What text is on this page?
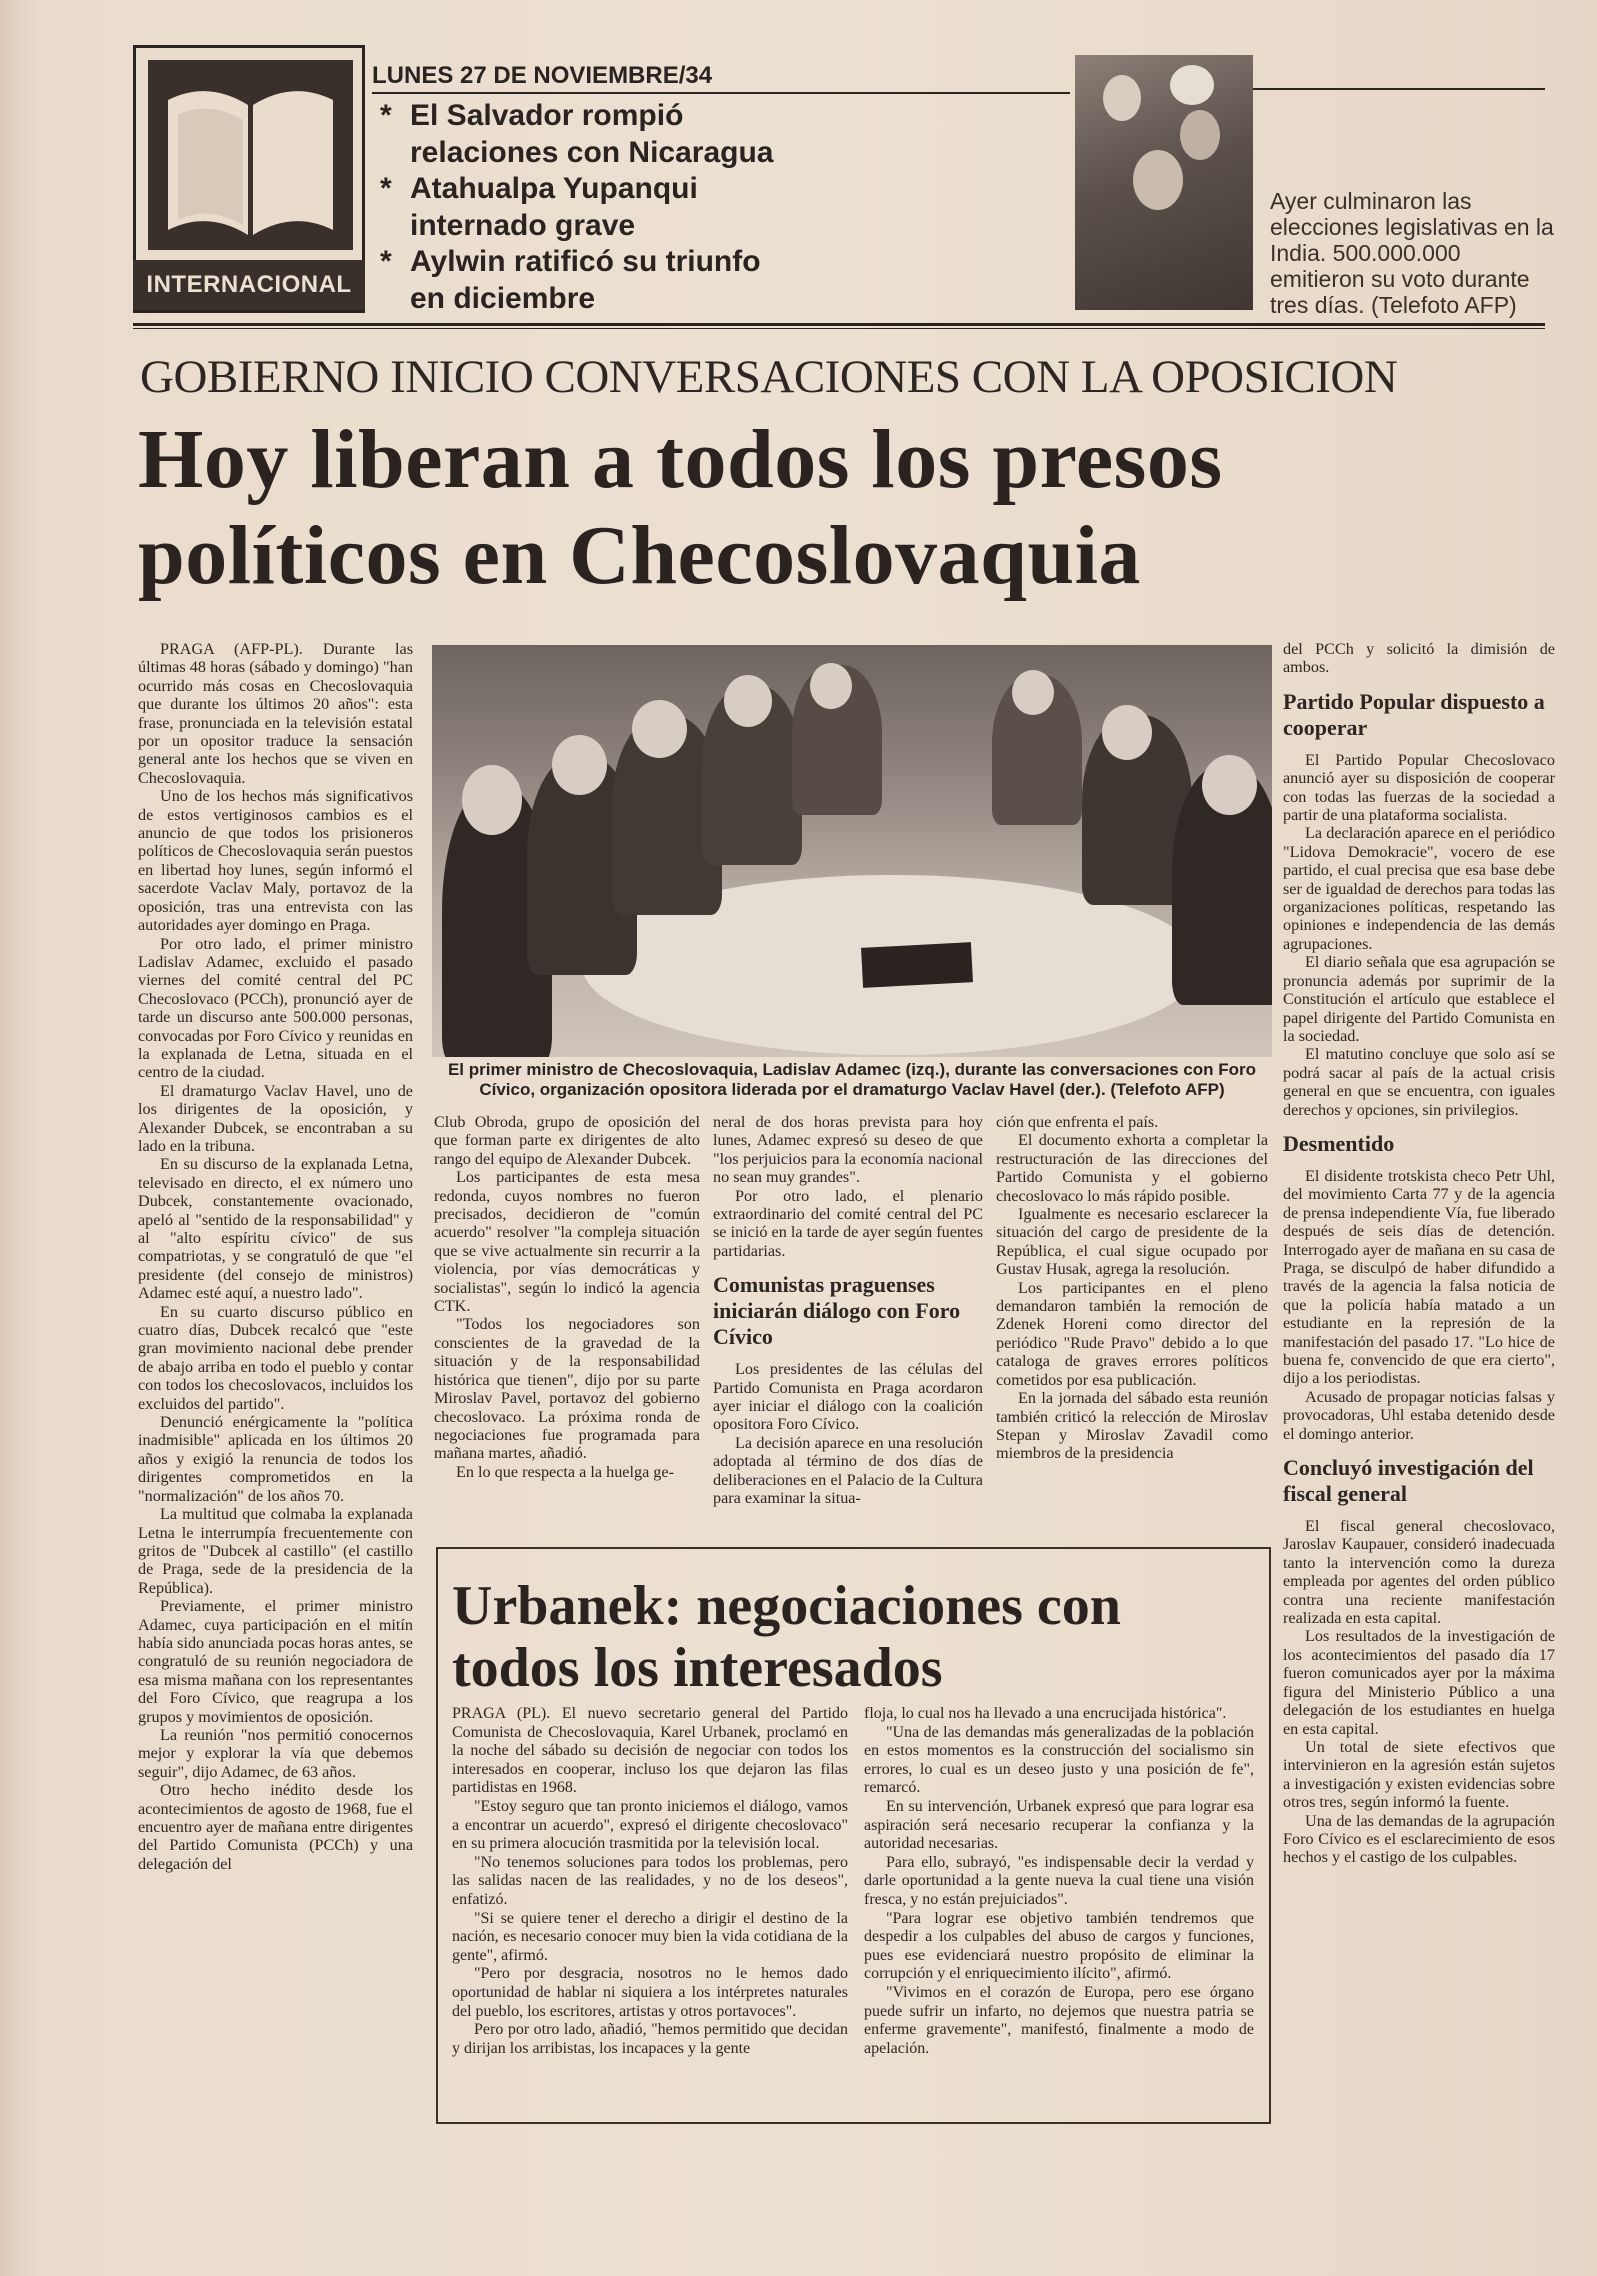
INTERNACIONAL
LUNES 27 DE NOVIEMBRE/34
* El Salvador rompió relaciones con Nicaragua
* Atahualpa Yupanqui internado grave
* Aylwin ratificó su triunfo en diciembre
Ayer culminaron las elecciones legislativas en la India. 500.000.000 emitieron su voto durante tres días. (Telefoto AFP)
GOBIERNO INICIO CONVERSACIONES CON LA OPOSICION
Hoy liberan a todos los presos políticos en Checoslovaquia

PRAGA (AFP-PL). Durante las últimas 48 horas (sábado y domingo) "han ocurrido más cosas en Checoslovaquia que durante los últimos 20 años": esta frase, pronunciada en la televisión estatal por un opositor traduce la sensación general ante los hechos que se viven en Checoslovaquia.

Uno de los hechos más significativos de estos vertiginosos cambios es el anuncio de que todos los prisioneros políticos de Checoslovaquia serán puestos en libertad hoy lunes, según informó el sacerdote Vaclav Maly, portavoz de la oposición, tras una entrevista con las autoridades ayer domingo en Praga.

Por otro lado, el primer ministro Ladislav Adamec, excluido el pasado viernes del comité central del PC Checoslovaco (PCCh), pronunció ayer de tarde un discurso ante 500.000 personas, convocadas por Foro Cívico y reunidas en la explanada de Letna, situada en el centro de la ciudad.

El dramaturgo Vaclav Havel, uno de los dirigentes de la oposición, y Alexander Dubcek, se encontraban a su lado en la tribuna.

En su discurso de la explanada Letna, televisado en directo, el ex número uno Dubcek, constantemente ovacionado, apeló al "sentido de la responsabilidad" y al "alto espíritu cívico" de sus compatriotas, y se congratuló de que "el presidente (del consejo de ministros) Adamec esté aquí, a nuestro lado".

En su cuarto discurso público en cuatro días, Dubcek recalcó que "este gran movimiento nacional debe prender de abajo arriba en todo el pueblo y contar con todos los checoslovacos, incluidos los excluidos del partido".

Denunció enérgicamente la "política inadmisible" aplicada en los últimos 20 años y exigió la renuncia de todos los dirigentes comprometidos en la "normalización" de los años 70.

La multitud que colmaba la explanada Letna le interrumpía frecuentemente con gritos de "Dubcek al castillo" (el castillo de Praga, sede de la presidencia de la República).

Previamente, el primer ministro Adamec, cuya participación en el mitín había sido anunciada pocas horas antes, se congratuló de su reunión negociadora de esa misma mañana con los representantes del Foro Cívico, que reagrupa a los grupos y movimientos de oposición.

La reunión "nos permitió conocernos mejor y explorar la vía que debemos seguir", dijo Adamec, de 63 años.

Otro hecho inédito desde los acontecimientos de agosto de 1968, fue el encuentro ayer de mañana entre dirigentes del Partido Comunista (PCCh) y una delegación del

El primer ministro de Checoslovaquia, Ladislav Adamec (izq.), durante las conversaciones con Foro Cívico, organización opositora liderada por el dramaturgo Vaclav Havel (der.). (Telefoto AFP)

Club Obroda, grupo de oposición del que forman parte ex dirigentes de alto rango del equipo de Alexander Dubcek.

Los participantes de esta mesa redonda, cuyos nombres no fueron precisados, decidieron de "común acuerdo" resolver "la compleja situación que se vive actualmente sin recurrir a la violencia, por vías democráticas y socialistas", según lo indicó la agencia CTK.

"Todos los negociadores son conscientes de la gravedad de la situación y de la responsabilidad histórica que tienen", dijo por su parte Miroslav Pavel, portavoz del gobierno checoslovaco. La próxima ronda de negociaciones fue programada para mañana martes, añadió.

En lo que respecta a la huelga ge-

neral de dos horas prevista para hoy lunes, Adamec expresó su deseo de que "los perjuicios para la economía nacional no sean muy grandes".

Por otro lado, el plenario extraordinario del comité central del PC se inició en la tarde de ayer según fuentes partidarias.

Comunistas praguenses iniciarán diálogo con Foro Cívico

Los presidentes de las células del Partido Comunista en Praga acordaron ayer iniciar el diálogo con la coalición opositora Foro Cívico.

La decisión aparece en una resolución adoptada al término de dos días de deliberaciones en el Palacio de la Cultura para examinar la situa-

ción que enfrenta el país.

El documento exhorta a completar la restructuración de las direcciones del Partido Comunista y el gobierno checoslovaco lo más rápido posible.

Igualmente es necesario esclarecer la situación del cargo de presidente de la República, el cual sigue ocupado por Gustav Husak, agrega la resolución.

Los participantes en el pleno demandaron también la remoción de Zdenek Horeni como director del periódico "Rude Pravo" debido a lo que cataloga de graves errores políticos cometidos por esa publicación.

En la jornada del sábado esta reunión también criticó la relección de Miroslav Stepan y Miroslav Zavadil como miembros de la presidencia

del PCCh y solicitó la dimisión de ambos.

Partido Popular dispuesto a cooperar

El Partido Popular Checoslovaco anunció ayer su disposición de cooperar con todas las fuerzas de la sociedad a partir de una plataforma socialista.

La declaración aparece en el periódico "Lidova Demokracie", vocero de ese partido, el cual precisa que esa base debe ser de igualdad de derechos para todas las organizaciones políticas, respetando las opiniones e independencia de las demás agrupaciones.

El diario señala que esa agrupación se pronuncia además por suprimir de la Constitución el artículo que establece el papel dirigente del Partido Comunista en la sociedad.

El matutino concluye que solo así se podrá sacar al país de la actual crisis general en que se encuentra, con iguales derechos y opciones, sin privilegios.

Desmentido

El disidente trotskista checo Petr Uhl, del movimiento Carta 77 y de la agencia de prensa independiente Vía, fue liberado después de seis días de detención. Interrogado ayer de mañana en su casa de Praga, se disculpó de haber difundido a través de la agencia la falsa noticia de que la policía había matado a un estudiante en la represión de la manifestación del pasado 17. "Lo hice de buena fe, convencido de que era cierto", dijo a los periodistas.

Acusado de propagar noticias falsas y provocadoras, Uhl estaba detenido desde el domingo anterior.

Concluyó investigación del fiscal general

El fiscal general checoslovaco, Jaroslav Kaupauer, consideró inadecuada tanto la intervención como la dureza empleada por agentes del orden público contra una reciente manifestación realizada en esta capital.

Los resultados de la investigación de los acontecimientos del pasado día 17 fueron comunicados ayer por la máxima figura del Ministerio Público a una delegación de los estudiantes en huelga en esta capital.

Un total de siete efectivos que intervinieron en la agresión están sujetos a investigación y existen evidencias sobre otros tres, según informó la fuente.

Una de las demandas de la agrupación Foro Cívico es el esclarecimiento de esos hechos y el castigo de los culpables.

Urbanek: negociaciones con todos los interesados

PRAGA (PL). El nuevo secretario general del Partido Comunista de Checoslovaquia, Karel Urbanek, proclamó en la noche del sábado su decisión de negociar con todos los interesados en cooperar, incluso los que dejaron las filas partidistas en 1968.

"Estoy seguro que tan pronto iniciemos el diálogo, vamos a encontrar un acuerdo", expresó el dirigente checoslovaco" en su primera alocución trasmitida por la televisión local.

"No tenemos soluciones para todos los problemas, pero las salidas nacen de las realidades, y no de los deseos", enfatizó.

"Si se quiere tener el derecho a dirigir el destino de la nación, es necesario conocer muy bien la vida cotidiana de la gente", afirmó.

"Pero por desgracia, nosotros no le hemos dado oportunidad de hablar ni siquiera a los intérpretes naturales del pueblo, los escritores, artistas y otros portavoces".

Pero por otro lado, añadió, "hemos permitido que decidan y dirijan los arribistas, los incapaces y la gente

floja, lo cual nos ha llevado a una encrucijada histórica".

"Una de las demandas más generalizadas de la población en estos momentos es la construcción del socialismo sin errores, lo cual es un deseo justo y una posición de fe", remarcó.

En su intervención, Urbanek expresó que para lograr esa aspiración será necesario recuperar la confianza y la autoridad necesarias.

Para ello, subrayó, "es indispensable decir la verdad y darle oportunidad a la gente nueva la cual tiene una visión fresca, y no están prejuiciados".

"Para lograr ese objetivo también tendremos que despedir a los culpables del abuso de cargos y funciones, pues ese evidenciará nuestro propósito de eliminar la corrupción y el enriquecimiento ilícito", afirmó.

"Vivimos en el corazón de Europa, pero ese órgano puede sufrir un infarto, no dejemos que nuestra patria se enferme gravemente", manifestó, finalmente a modo de apelación.
